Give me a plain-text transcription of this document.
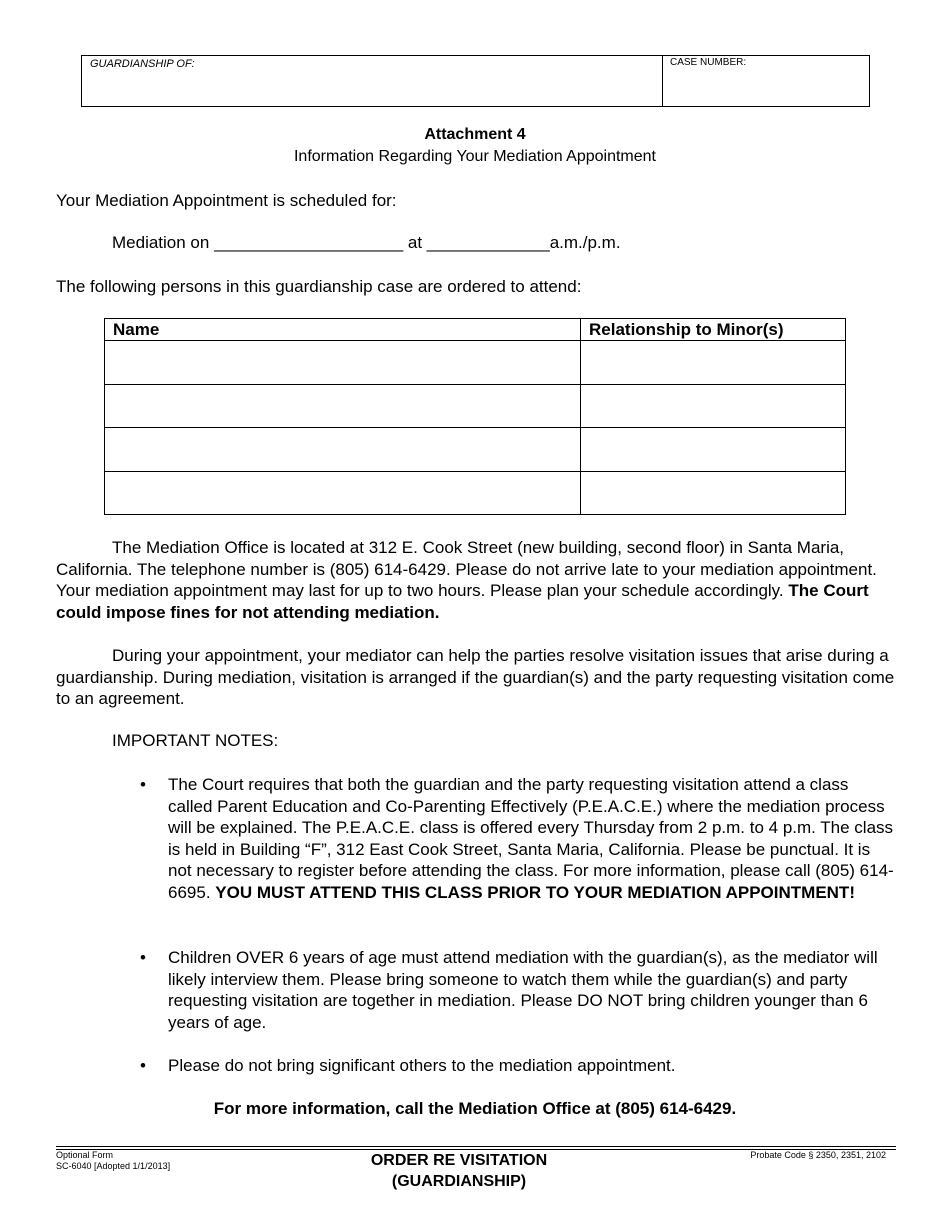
GUARDIANSHIP OF:	CASE NUMBER:
Attachment 4
Information Regarding Your Mediation Appointment
Your Mediation Appointment is scheduled for:
Mediation on ____________________ at _____________a.m./p.m.
The following persons in this guardianship case are ordered to attend:
Name	Relationship to Minor(s)
The Mediation Office is located at 312 E. Cook Street (new building, second floor) in Santa Maria, California. The telephone number is (805) 614-6429. Please do not arrive late to your mediation appointment. Your mediation appointment may last for up to two hours. Please plan your schedule accordingly. The Court could impose fines for not attending mediation.
During your appointment, your mediator can help the parties resolve visitation issues that arise during a guardianship. During mediation, visitation is arranged if the guardian(s) and the party requesting visitation come to an agreement.
IMPORTANT NOTES:
• The Court requires that both the guardian and the party requesting visitation attend a class called Parent Education and Co-Parenting Effectively (P.E.A.C.E.) where the mediation process will be explained. The P.E.A.C.E. class is offered every Thursday from 2 p.m. to 4 p.m. The class is held in Building “F”, 312 East Cook Street, Santa Maria, California. Please be punctual. It is not necessary to register before attending the class. For more information, please call (805) 614-6695. YOU MUST ATTEND THIS CLASS PRIOR TO YOUR MEDIATION APPOINTMENT!
• Children OVER 6 years of age must attend mediation with the guardian(s), as the mediator will likely interview them. Please bring someone to watch them while the guardian(s) and party requesting visitation are together in mediation. Please DO NOT bring children younger than 6 years of age.
• Please do not bring significant others to the mediation appointment.
For more information, call the Mediation Office at (805) 614-6429.
Optional Form
SC-6040 [Adopted 1/1/2013]	ORDER RE VISITATION
(GUARDIANSHIP)
Probate Code § 2350, 2351, 2102
